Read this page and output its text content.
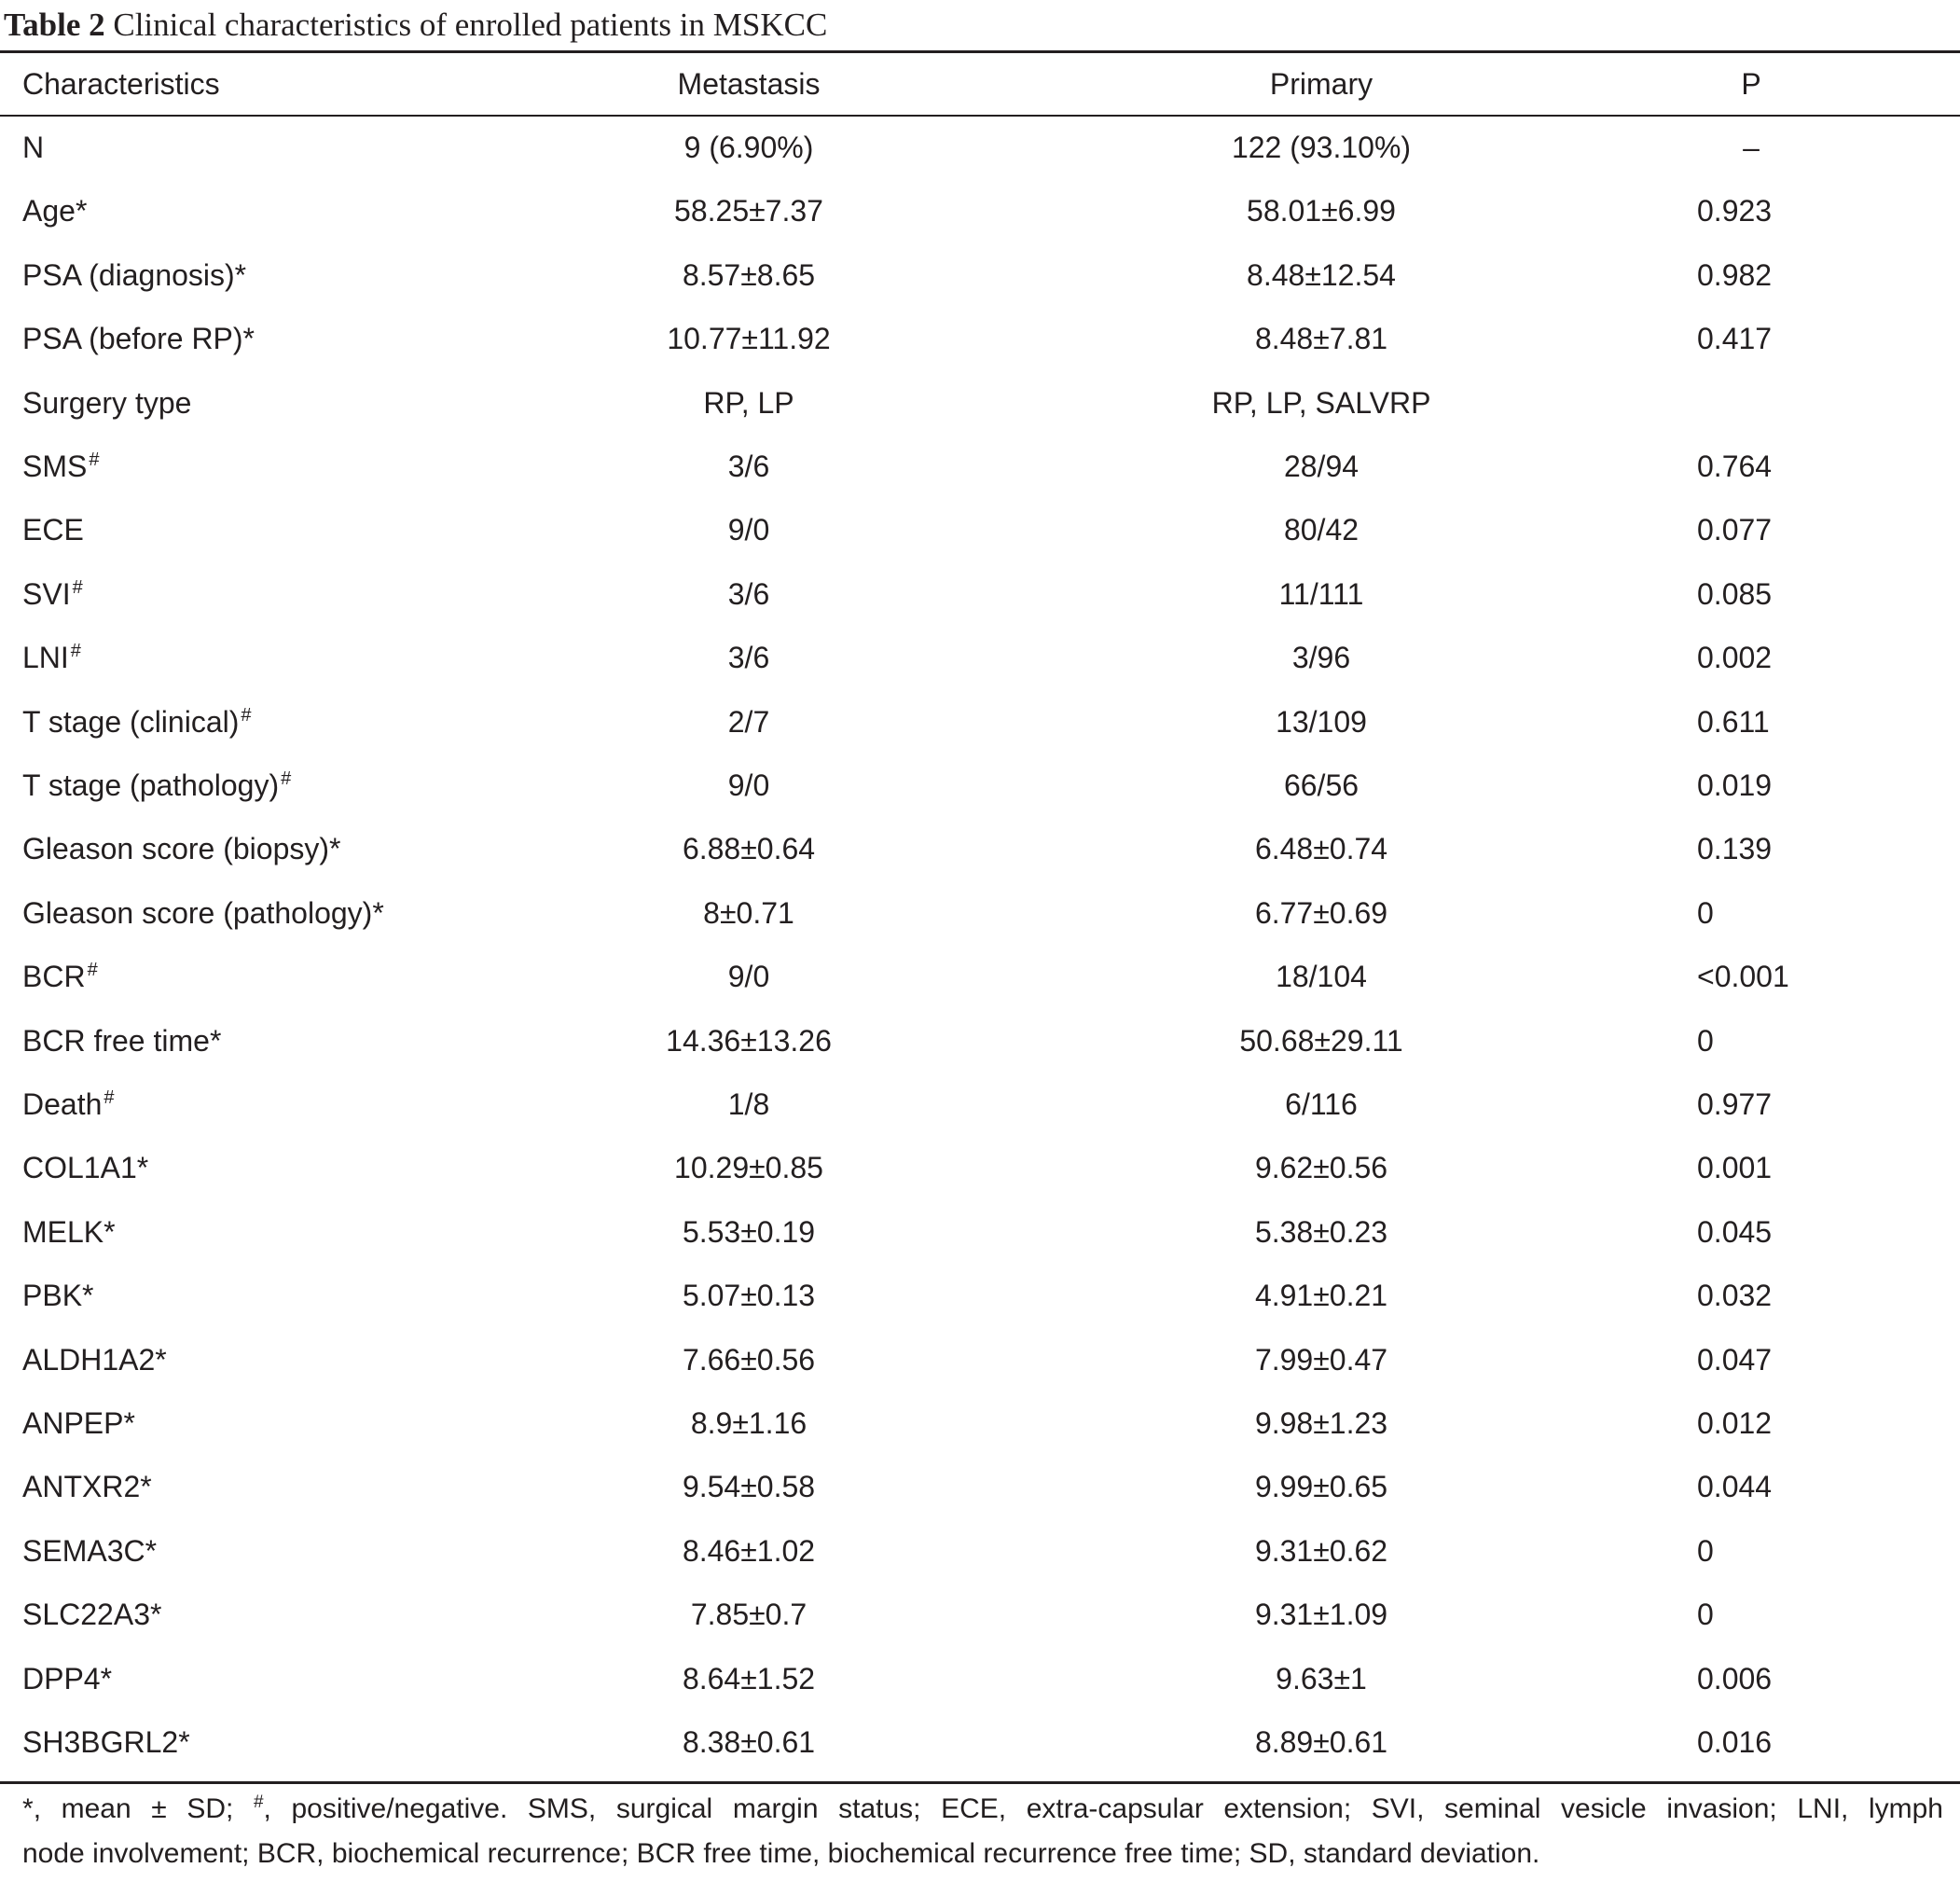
Table 2 Clinical characteristics of enrolled patients in MSKCC
Characteristics	Metastasis	Primary	P
N	9 (6.90%)	122 (93.10%)	–
Age*	58.25±7.37	58.01±6.99	0.923
PSA (diagnosis)*	8.57±8.65	8.48±12.54	0.982
PSA (before RP)*	10.77±11.92	8.48±7.81	0.417
Surgery type	RP, LP	RP, LP, SALVRP
SMS #	3/6	28/94	0.764
ECE	9/0	80/42	0.077
SVI #	3/6	11/111	0.085
LNI #	3/6	3/96	0.002
T stage (clinical) #	2/7	13/109	0.611
T stage (pathology) #	9/0	66/56	0.019
Gleason score (biopsy)*	6.88±0.64	6.48±0.74	0.139
Gleason score (pathology)*	8±0.71	6.77±0.69	0
BCR #	9/0	18/104	<0.001
BCR free time*	14.36±13.26	50.68±29.11	0
Death #	1/8	6/116	0.977
COL1A1*	10.29±0.85	9.62±0.56	0.001
MELK*	5.53±0.19	5.38±0.23	0.045
PBK*	5.07±0.13	4.91±0.21	0.032
ALDH1A2*	7.66±0.56	7.99±0.47	0.047
ANPEP*	8.9±1.16	9.98±1.23	0.012
ANTXR2*	9.54±0.58	9.99±0.65	0.044
SEMA3C*	8.46±1.02	9.31±0.62	0
SLC22A3*	7.85±0.7	9.31±1.09	0
DPP4*	8.64±1.52	9.63±1	0.006
SH3BGRL2*	8.38±0.61	8.89±0.61	0.016
*, mean ± SD; #, positive/negative. SMS, surgical margin status; ECE, extra-capsular extension; SVI, seminal vesicle invasion; LNI, lymph
node involvement; BCR, biochemical recurrence; BCR free time, biochemical recurrence free time; SD, standard deviation.
